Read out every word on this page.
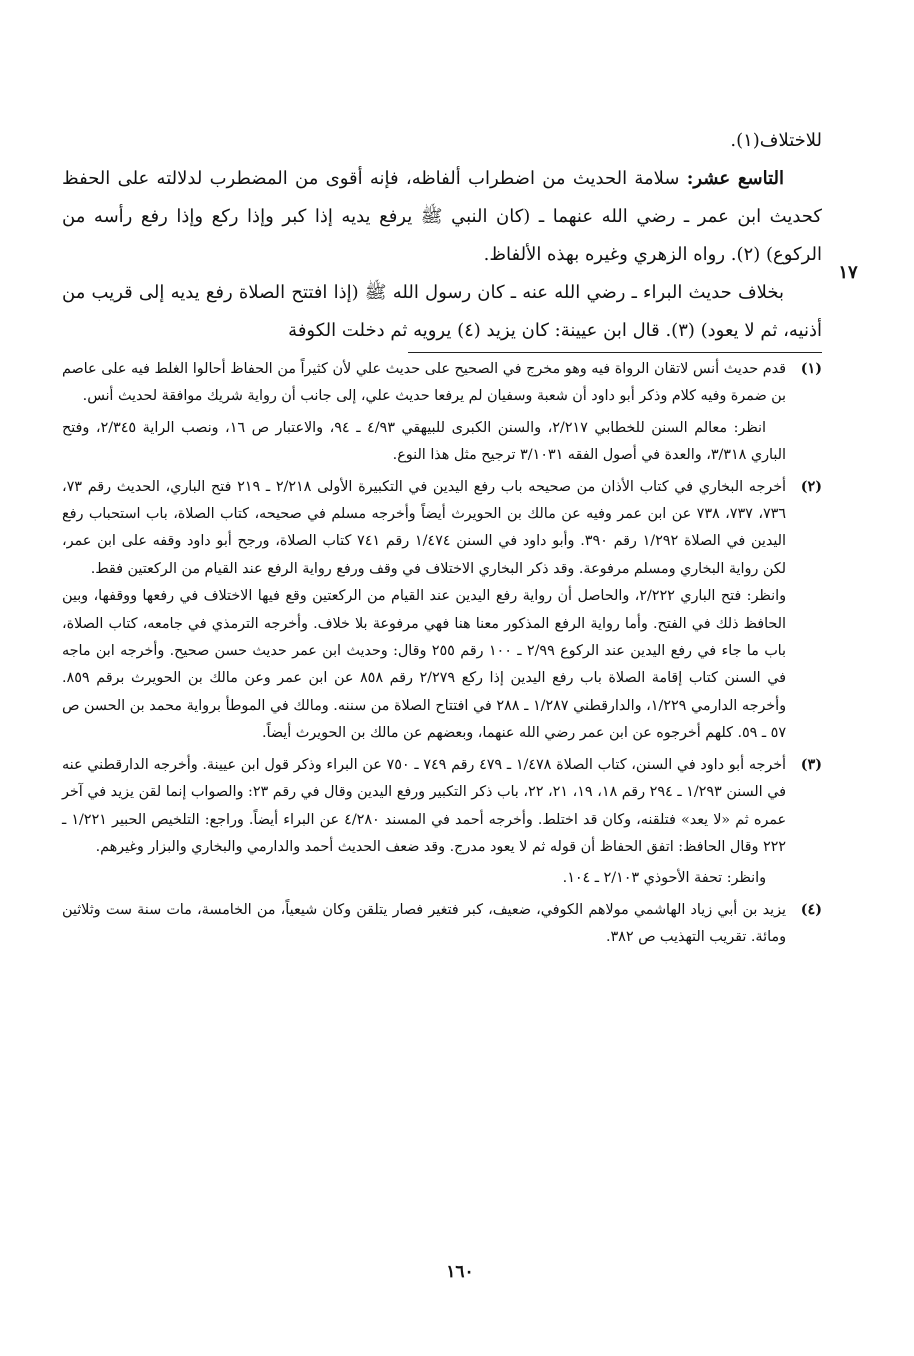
للاختلاف(١).

التاسع عشر: سلامة الحديث من اضطراب ألفاظه، فإنه أقوى من المضطرب لدلالته على الحفظ كحديث ابن عمر ـ رضي الله عنهما ـ (كان النبي ﷺ يرفع يديه إذا كبر وإذا ركع وإذا رفع رأسه من الركوع) (٢). رواه الزهري وغيره بهذه الألفاظ.

بخلاف حديث البراء ـ رضي الله عنه ـ كان رسول الله ﷺ (إذا افتتح الصلاة رفع يديه إلى قريب من أذنيه، ثم لا يعود) (٣). قال ابن عيينة: كان يزيد (٤) يرويه ثم دخلت الكوفة

١٧
(١)
قدم حديث أنس لاتقان الرواة فيه وهو مخرج في الصحيح على حديث علي لأن كثيراً من الحفاظ أحالوا الغلط فيه على عاصم بن ضمرة وفيه كلام وذكر أبو داود أن شعبة وسفيان لم يرفعا حديث علي، إلى جانب أن رواية شريك موافقة لحديث أنس.

انظر: معالم السنن للخطابي ٢/٢١٧، والسنن الكبرى للبيهقي ٤/٩٣ ـ ٩٤، والاعتبار ص ١٦، ونصب الراية ٢/٣٤٥، وفتح الباري ٣/٣١٨، والعدة في أصول الفقه ٣/١٠٣١ ترجيح مثل هذا النوع.

(٢)
أخرجه البخاري في كتاب الأذان من صحيحه باب رفع اليدين في التكبيرة الأولى ٢/٢١٨ ـ ٢١٩ فتح الباري، الحديث رقم ٧٣، ٧٣٦، ٧٣٧، ٧٣٨ عن ابن عمر وفيه عن مالك بن الحويرث أيضاً وأخرجه مسلم في صحيحه، كتاب الصلاة، باب استحباب رفع اليدين في الصلاة ١/٢٩٢ رقم ٣٩٠. وأبو داود في السنن ١/٤٧٤ رقم ٧٤١ كتاب الصلاة، ورجح أبو داود وقفه على ابن عمر، لكن رواية البخاري ومسلم مرفوعة. وقد ذكر البخاري الاختلاف في وقف ورفع رواية الرفع عند القيام من الركعتين فقط.

وانظر: فتح الباري ٢/٢٢٢، والحاصل أن رواية رفع اليدين عند القيام من الركعتين وقع فيها الاختلاف في رفعها ووقفها، وبين الحافظ ذلك في الفتح. وأما رواية الرفع المذكور معنا هنا فهي مرفوعة بلا خلاف. وأخرجه الترمذي في جامعه، كتاب الصلاة، باب ما جاء في رفع اليدين عند الركوع ٢/٩٩ ـ ١٠٠ رقم ٢٥٥ وقال: وحديث ابن عمر حديث حسن صحيح. وأخرجه ابن ماجه في السنن كتاب إقامة الصلاة باب رفع اليدين إذا ركع ٢/٢٧٩ رقم ٨٥٨ عن ابن عمر وعن مالك بن الحويرث برقم ٨٥٩. وأخرجه الدارمي ١/٢٢٩، والدارقطني ١/٢٨٧ ـ ٢٨٨ في افتتاح الصلاة من سننه. ومالك في الموطأ برواية محمد بن الحسن ص ٥٧ ـ ٥٩. كلهم أخرجوه عن ابن عمر رضي الله عنهما، وبعضهم عن مالك بن الحويرث أيضاً.

(٣)
أخرجه أبو داود في السنن، كتاب الصلاة ١/٤٧٨ ـ ٤٧٩ رقم ٧٤٩ ـ ٧٥٠ عن البراء وذكر قول ابن عيينة. وأخرجه الدارقطني عنه في السنن ١/٢٩٣ ـ ٢٩٤ رقم ١٨، ١٩، ٢١، ٢٢، باب ذكر التكبير ورفع اليدين وقال في رقم ٢٣: والصواب إنما لقن يزيد في آخر عمره ثم «لا يعد» فتلقنه، وكان قد اختلط. وأخرجه أحمد في المسند ٤/٢٨٠ عن البراء أيضاً. وراجع: التلخيص الحبير ١/٢٢١ ـ ٢٢٢ وقال الحافظ: اتفق الحفاظ أن قوله ثم لا يعود مدرج. وقد ضعف الحديث أحمد والدارمي والبخاري والبزار وغيرهم.

وانظر: تحفة الأحوذي ٢/١٠٣ ـ ١٠٤.

(٤)
يزيد بن أبي زياد الهاشمي مولاهم الكوفي، ضعيف، كبر فتغير فصار يتلقن وكان شيعياً، من الخامسة، مات سنة ست وثلاثين ومائة. تقريب التهذيب ص ٣٨٢.
١٦٠
